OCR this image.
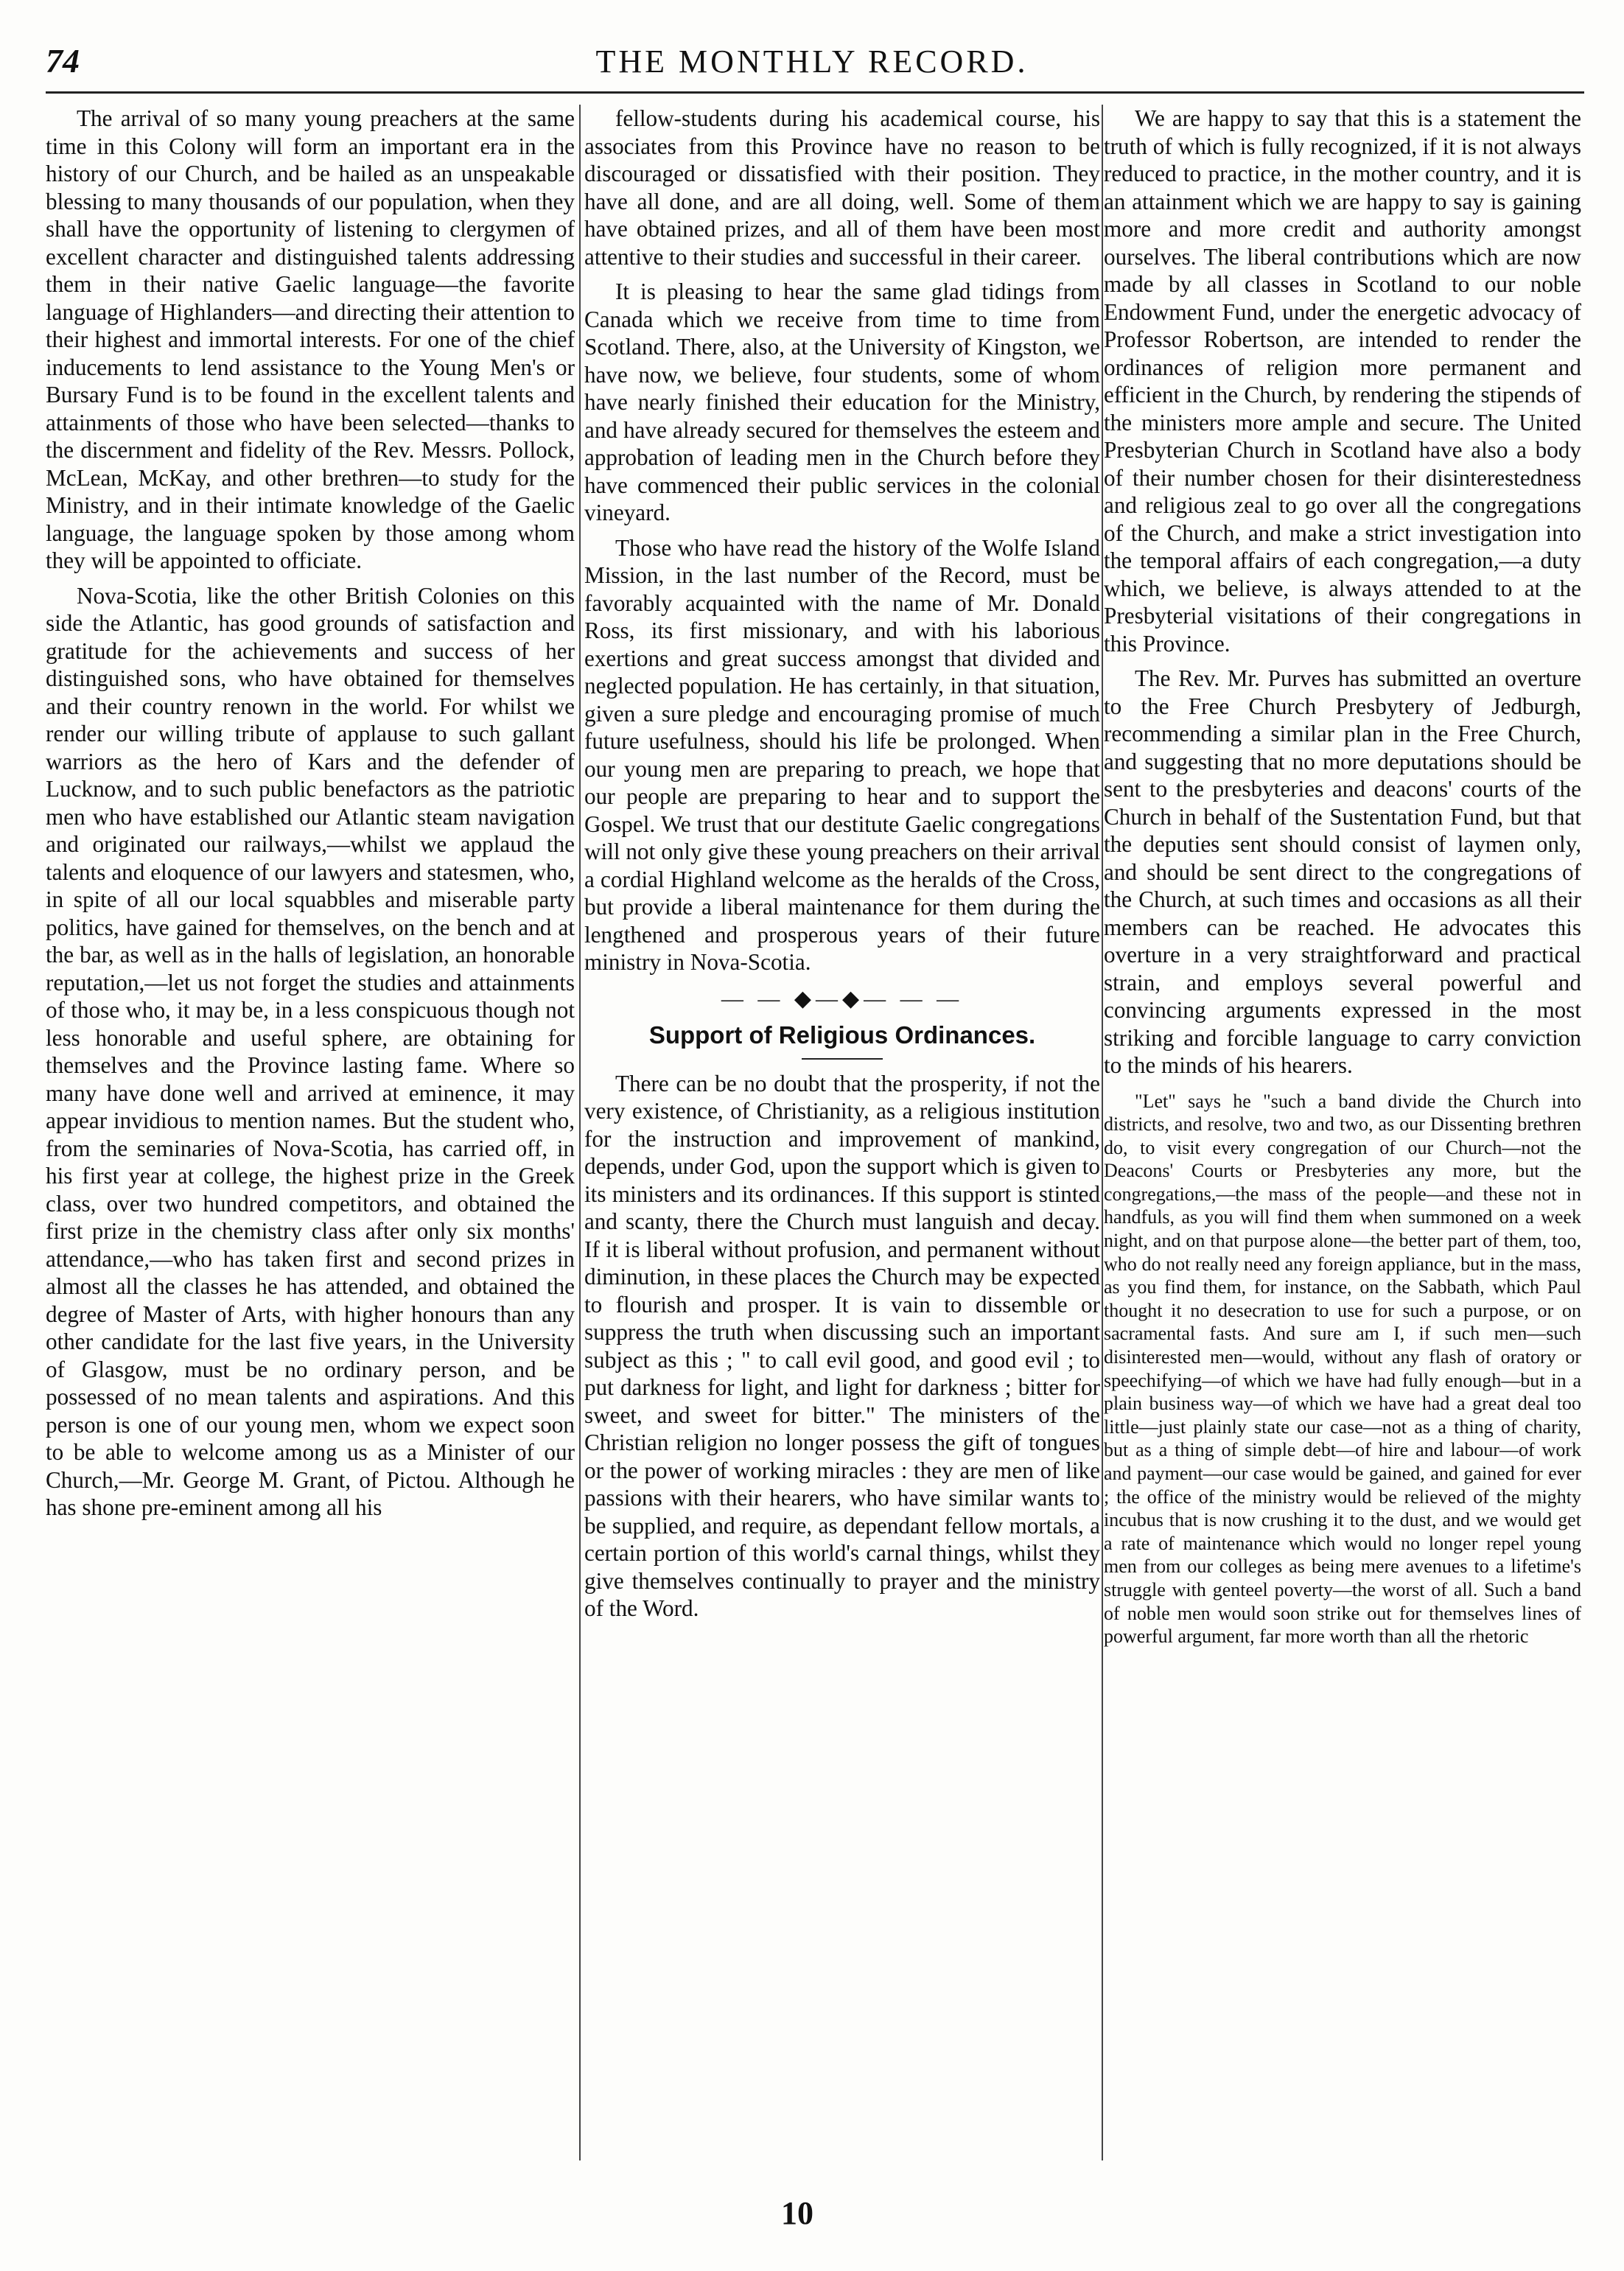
74	THE MONTHLY RECORD.

The arrival of so many young preachers at the same time in this Colony will form an important era in the history of our Church, and be hailed as an unspeakable blessing to many thousands of our population, when they shall have the opportunity of listening to clergymen of excellent character and distinguished talents addressing them in their native Gaelic language—the favorite language of Highlanders—and directing their attention to their highest and immortal interests. For one of the chief inducements to lend assistance to the Young Men's or Bursary Fund is to be found in the excellent talents and attainments of those who have been selected—thanks to the discernment and fidelity of the Rev. Messrs. Pollock, McLean, McKay, and other brethren—to study for the Ministry, and in their intimate knowledge of the Gaelic language, the language spoken by those among whom they will be appointed to officiate.

Nova-Scotia, like the other British Colonies on this side the Atlantic, has good grounds of satisfaction and gratitude for the achievements and success of her distinguished sons, who have obtained for themselves and their country renown in the world. For whilst we render our willing tribute of applause to such gallant warriors as the hero of Kars and the defender of Lucknow, and to such public benefactors as the patriotic men who have established our Atlantic steam navigation and originated our railways,—whilst we applaud the talents and eloquence of our lawyers and statesmen, who, in spite of all our local squabbles and miserable party politics, have gained for themselves, on the bench and at the bar, as well as in the halls of legislation, an honorable reputation,—let us not forget the studies and attainments of those who, it may be, in a less conspicuous though not less honorable and useful sphere, are obtaining for themselves and the Province lasting fame. Where so many have done well and arrived at eminence, it may appear invidious to mention names. But the student who, from the seminaries of Nova-Scotia, has carried off, in his first year at college, the highest prize in the Greek class, over two hundred competitors, and obtained the first prize in the chemistry class after only six months' attendance,—who has taken first and second prizes in almost all the classes he has attended, and obtained the degree of Master of Arts, with higher honours than any other candidate for the last five years, in the University of Glasgow, must be no ordinary person, and be possessed of no mean talents and aspirations. And this person is one of our young men, whom we expect soon to be able to welcome among us as a Minister of our Church,—Mr. George M. Grant, of Pictou. Although he has shone pre-eminent among all his

fellow-students during his academical course, his associates from this Province have no reason to be discouraged or dissatisfied with their position. They have all done, and are all doing, well. Some of them have obtained prizes, and all of them have been most attentive to their studies and successful in their career.

It is pleasing to hear the same glad tidings from Canada which we receive from time to time from Scotland. There, also, at the University of Kingston, we have now, we believe, four students, some of whom have nearly finished their education for the Ministry, and have already secured for themselves the esteem and approbation of leading men in the Church before they have commenced their public services in the colonial vineyard.

Those who have read the history of the Wolfe Island Mission, in the last number of the Record, must be favorably acquainted with the name of Mr. Donald Ross, its first missionary, and with his laborious exertions and great success amongst that divided and neglected population. He has certainly, in that situation, given a sure pledge and encouraging promise of much future usefulness, should his life be prolonged. When our young men are preparing to preach, we hope that our people are preparing to hear and to support the Gospel. We trust that our destitute Gaelic congregations will not only give these young preachers on their arrival a cordial Highland welcome as the heralds of the Cross, but provide a liberal maintenance for them during the lengthened and prosperous years of their future ministry in Nova-Scotia.

— — ◆—◆— — —
Support of Religious Ordinances.

There can be no doubt that the prosperity, if not the very existence, of Christianity, as a religious institution for the instruction and improvement of mankind, depends, under God, upon the support which is given to its ministers and its ordinances. If this support is stinted and scanty, there the Church must languish and decay. If it is liberal without profusion, and permanent without diminution, in these places the Church may be expected to flourish and prosper. It is vain to dissemble or suppress the truth when discussing such an important subject as this ; " to call evil good, and good evil ; to put darkness for light, and light for darkness ; bitter for sweet, and sweet for bitter." The ministers of the Christian religion no longer possess the gift of tongues or the power of working miracles : they are men of like passions with their hearers, who have similar wants to be supplied, and require, as dependant fellow mortals, a certain portion of this world's carnal things, whilst they give themselves continually to prayer and the ministry of the Word.

We are happy to say that this is a statement the truth of which is fully recognized, if it is not always reduced to practice, in the mother country, and it is an attainment which we are happy to say is gaining more and more credit and authority amongst ourselves. The liberal contributions which are now made by all classes in Scotland to our noble Endowment Fund, under the energetic advocacy of Professor Robertson, are intended to render the ordinances of religion more permanent and efficient in the Church, by rendering the stipends of the ministers more ample and secure. The United Presbyterian Church in Scotland have also a body of their number chosen for their disinterestedness and religious zeal to go over all the congregations of the Church, and make a strict investigation into the temporal affairs of each congregation,—a duty which, we believe, is always attended to at the Presbyterial visitations of their congregations in this Province.

The Rev. Mr. Purves has submitted an overture to the Free Church Presbytery of Jedburgh, recommending a similar plan in the Free Church, and suggesting that no more deputations should be sent to the presbyteries and deacons' courts of the Church in behalf of the Sustentation Fund, but that the deputies sent should consist of laymen only, and should be sent direct to the congregations of the Church, at such times and occasions as all their members can be reached. He advocates this overture in a very straightforward and practical strain, and employs several powerful and convincing arguments expressed in the most striking and forcible language to carry conviction to the minds of his hearers.

"Let" says he "such a band divide the Church into districts, and resolve, two and two, as our Dissenting brethren do, to visit every congregation of our Church—not the Deacons' Courts or Presbyteries any more, but the congregations,—the mass of the people—and these not in handfuls, as you will find them when summoned on a week night, and on that purpose alone—the better part of them, too, who do not really need any foreign appliance, but in the mass, as you find them, for instance, on the Sabbath, which Paul thought it no desecration to use for such a purpose, or on sacramental fasts. And sure am I, if such men—such disinterested men—would, without any flash of oratory or speechifying—of which we have had fully enough—but in a plain business way—of which we have had a great deal too little—just plainly state our case—not as a thing of charity, but as a thing of simple debt—of hire and labour—of work and payment—our case would be gained, and gained for ever ; the office of the ministry would be relieved of the mighty incubus that is now crushing it to the dust, and we would get a rate of maintenance which would no longer repel young men from our colleges as being mere avenues to a lifetime's struggle with genteel poverty—the worst of all. Such a band of noble men would soon strike out for themselves lines of powerful argument, far more worth than all the rhetoric

10
